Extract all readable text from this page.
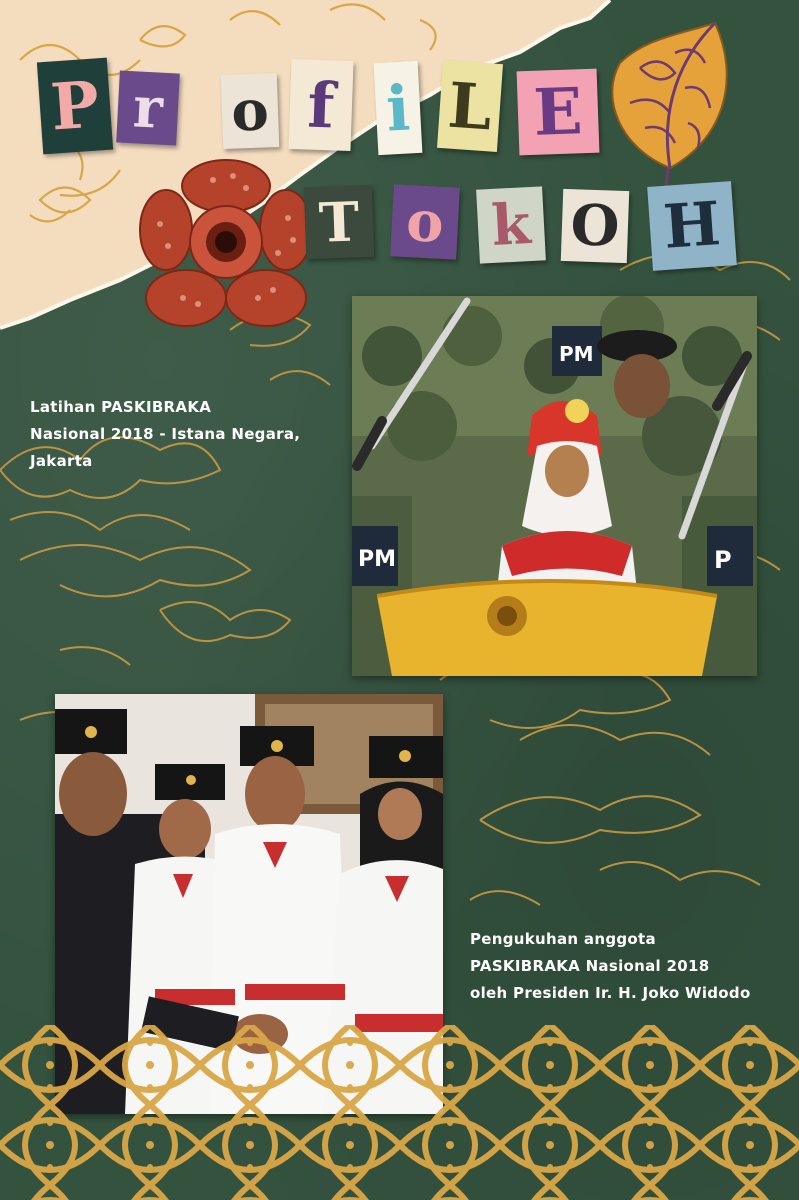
P r o f i L E
T o k O H
PM	P
PM
Latihan PASKIBRAKA
Nasional 2018 - Istana Negara,
Jakarta
Pengukuhan anggota
PASKIBRAKA Nasional 2018
oleh Presiden Ir. H. Joko Widodo
